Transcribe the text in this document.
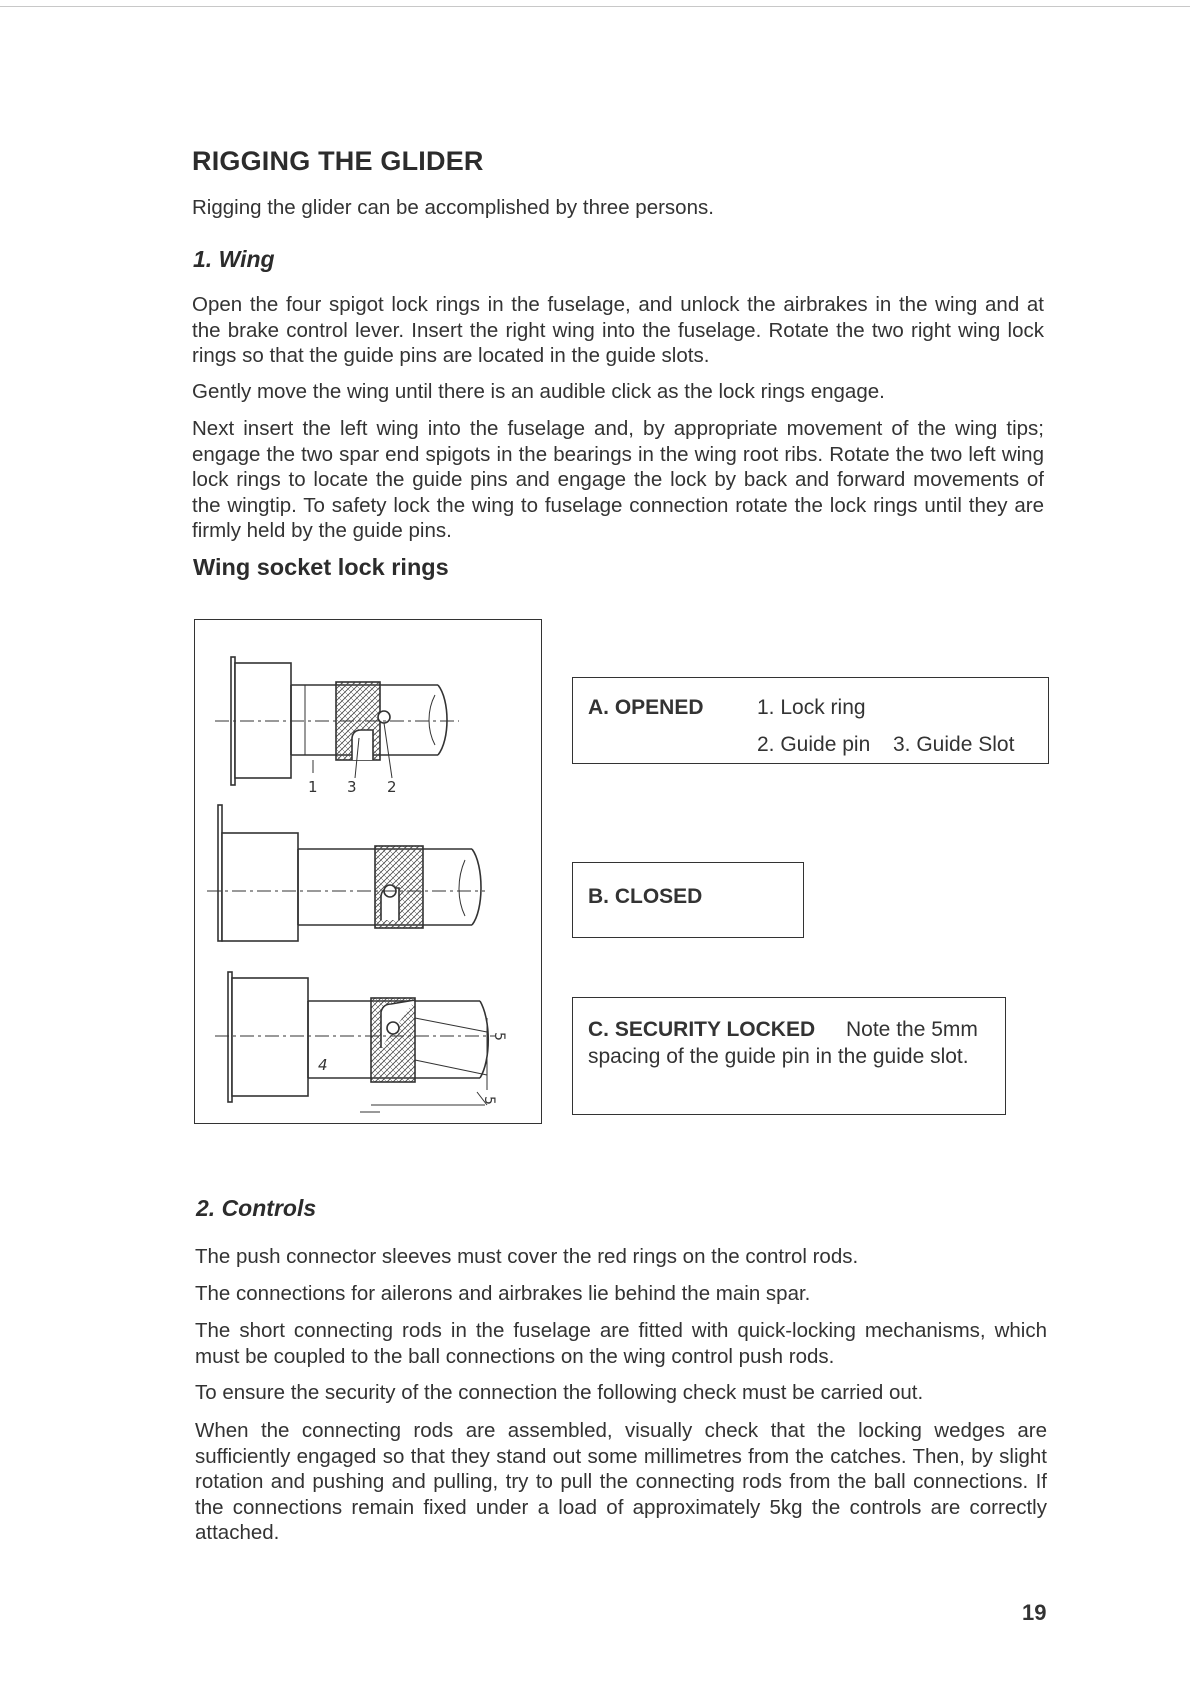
RIGGING THE GLIDER

Rigging the glider can be accomplished by three persons.

1. Wing

Open the four spigot lock rings in the fuselage, and unlock the airbrakes in the wing and at the brake control lever. Insert the right wing into the fuselage. Rotate the two right wing lock rings so that the guide pins are located in the guide slots.

Gently move the wing until there is an audible click as the lock rings engage.

Next insert the left wing into the fuselage and, by appropriate movement of the wing tips; engage the two spar end spigots in the bearings in the wing root ribs. Rotate the two left wing lock rings to locate the guide pins and engage the lock by back and forward movements of the wingtip. To safety lock the wing to fuselage connection rotate the lock rings until they are firmly held by the guide pins.

Wing socket lock rings

1 3 2
4
5
5
A. OPENED	1. Lock ring
2. Guide pin 3. Guide Slot
B. CLOSED
C. SECURITY LOCKED Note the 5mm
spacing of the guide pin in the guide slot.

2. Controls

The push connector sleeves must cover the red rings on the control rods.

The connections for ailerons and airbrakes lie behind the main spar.

The short connecting rods in the fuselage are fitted with quick-locking mechanisms, which must be coupled to the ball connections on the wing control push rods.

To ensure the security of the connection the following check must be carried out.

When the connecting rods are assembled, visually check that the locking wedges are sufficiently engaged so that they stand out some millimetres from the catches. Then, by slight rotation and pushing and pulling, try to pull the connecting rods from the ball connections. If the connections remain fixed under a load of approximately 5kg the controls are correctly attached.

19
